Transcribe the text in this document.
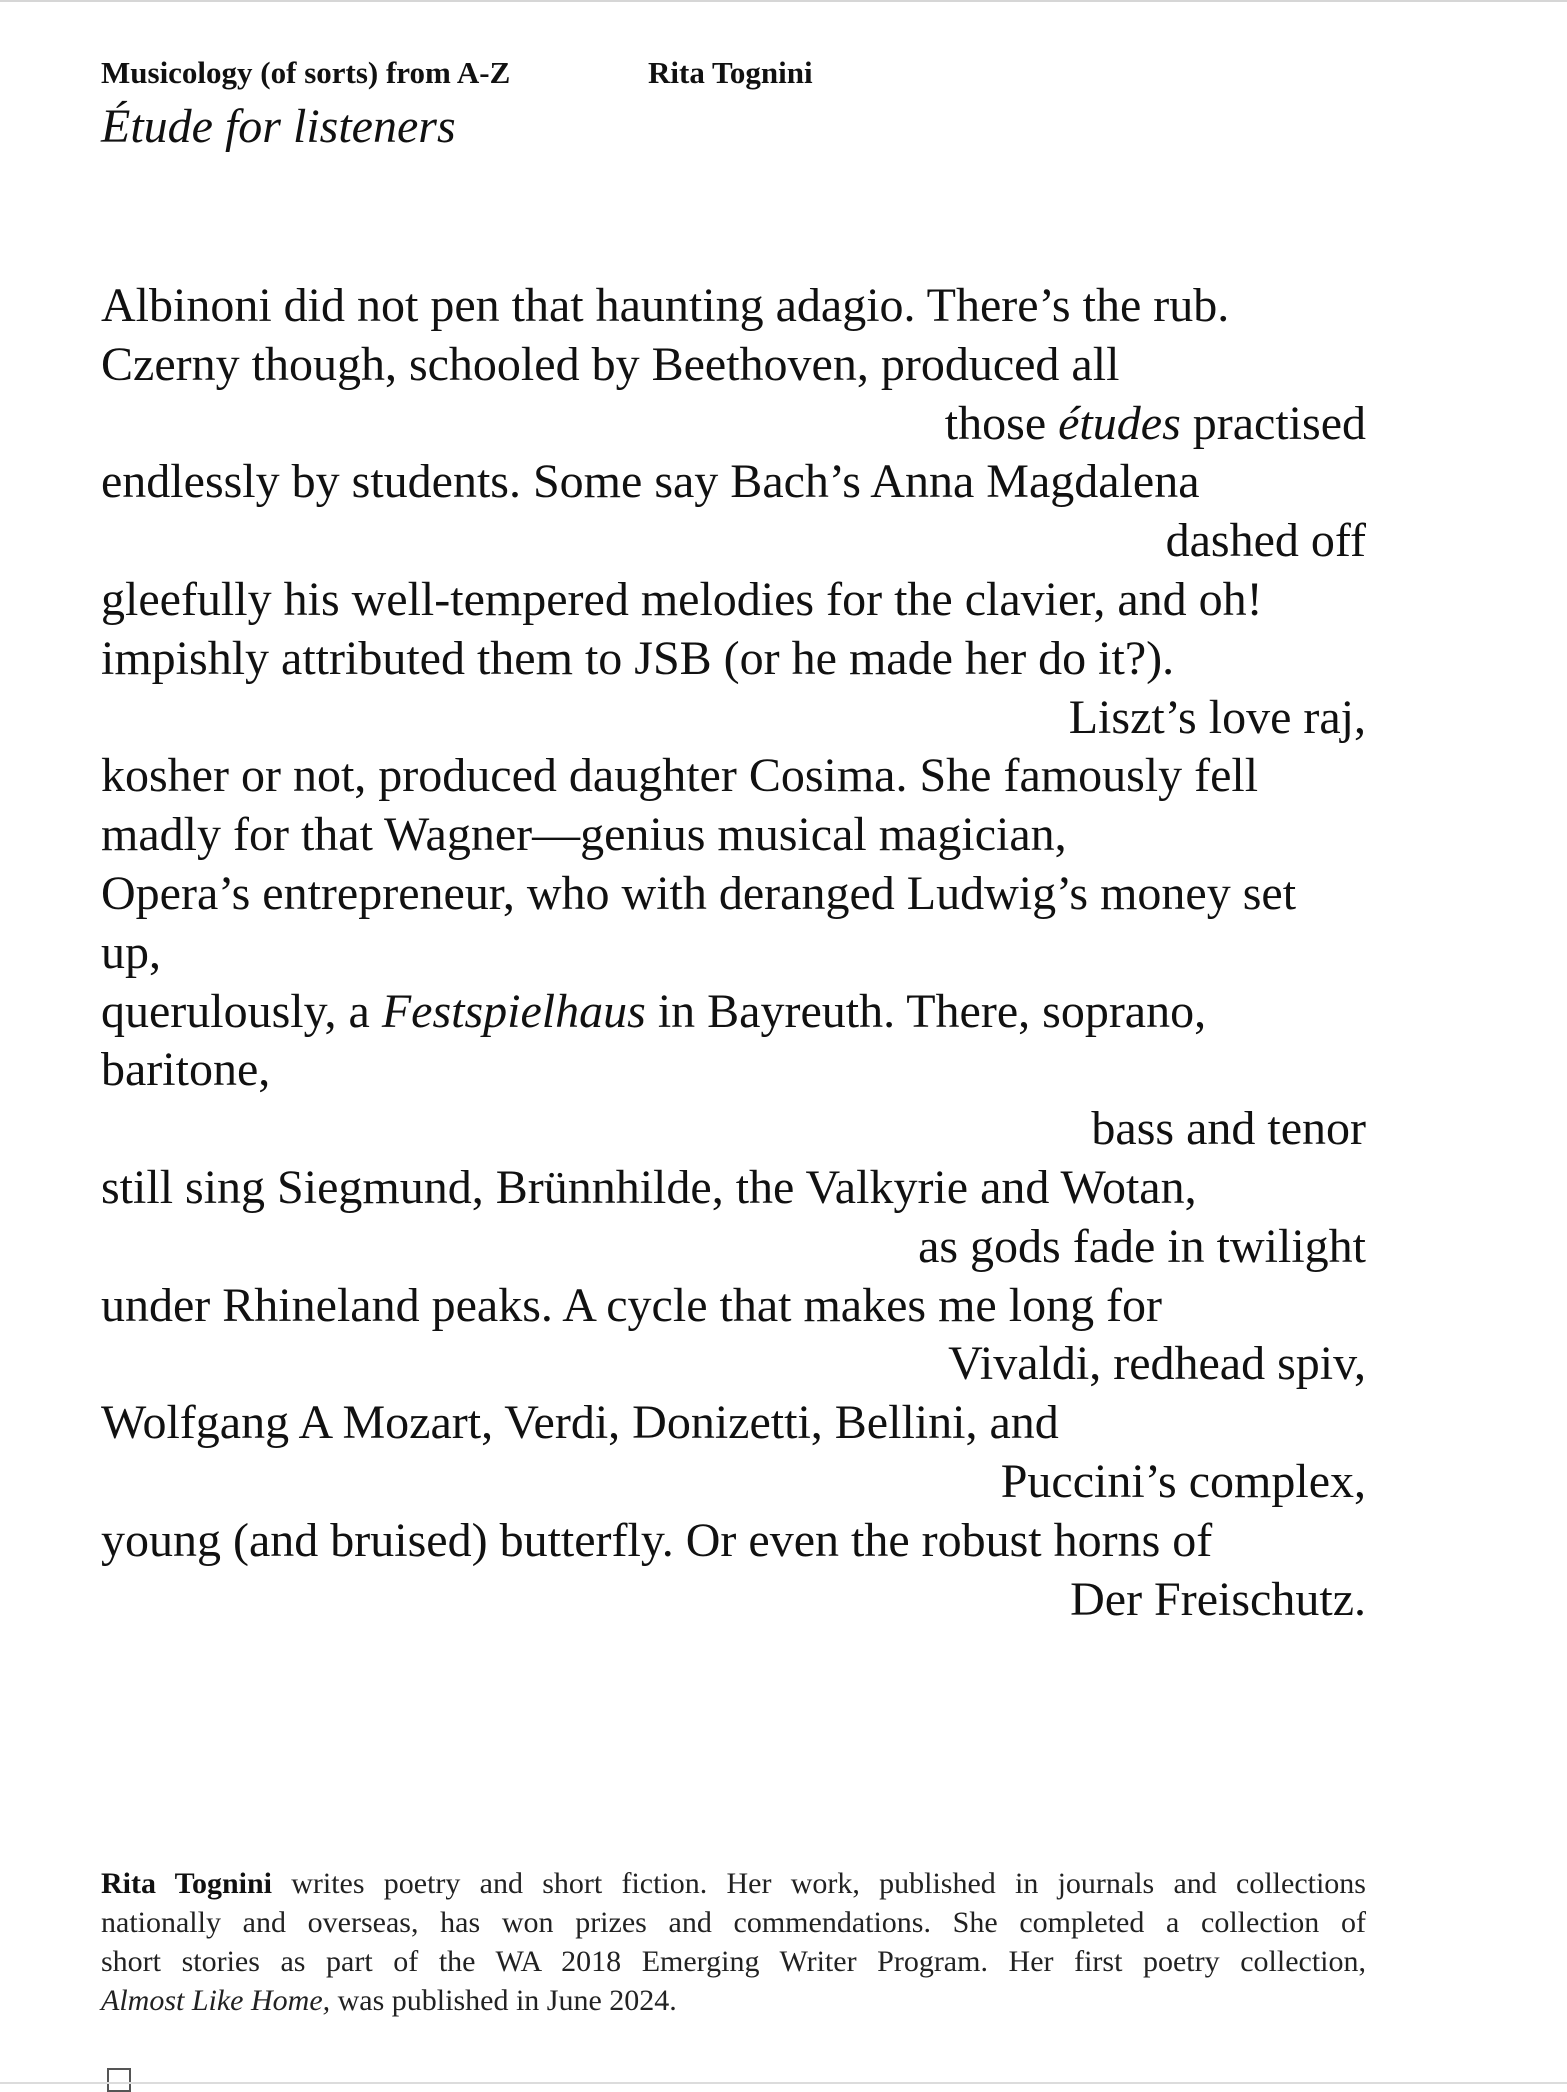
Musicology (of sorts) from A-Z	Rita Tognini
Étude for listeners
Albinoni did not pen that haunting adagio. There’s the rub.
Czerny though, schooled by Beethoven, produced all
those études practised
endlessly by students. Some say Bach’s Anna Magdalena
dashed off
gleefully his well-tempered melodies for the clavier, and oh!
impishly attributed them to JSB (or he made her do it?).
Liszt’s love raj,
kosher or not, produced daughter Cosima. She famously fell
madly for that Wagner—genius musical magician,
Opera’s entrepreneur, who with deranged Ludwig’s money set
up,
querulously, a Festspielhaus in Bayreuth. There, soprano,
baritone,
bass and tenor
still sing Siegmund, Brünnhilde, the Valkyrie and Wotan,
as gods fade in twilight
under Rhineland peaks. A cycle that makes me long for
Vivaldi, redhead spiv,
Wolfgang A Mozart, Verdi, Donizetti, Bellini, and
Puccini’s complex,
young (and bruised) butterfly. Or even the robust horns of
Der Freischutz.
Rita Tognini writes poetry and short fiction. Her work, published in journals and collections
nationally and overseas, has won prizes and commendations. She completed a collection of
short stories as part of the WA 2018 Emerging Writer Program. Her first poetry collection,
Almost Like Home, was published in June 2024.
